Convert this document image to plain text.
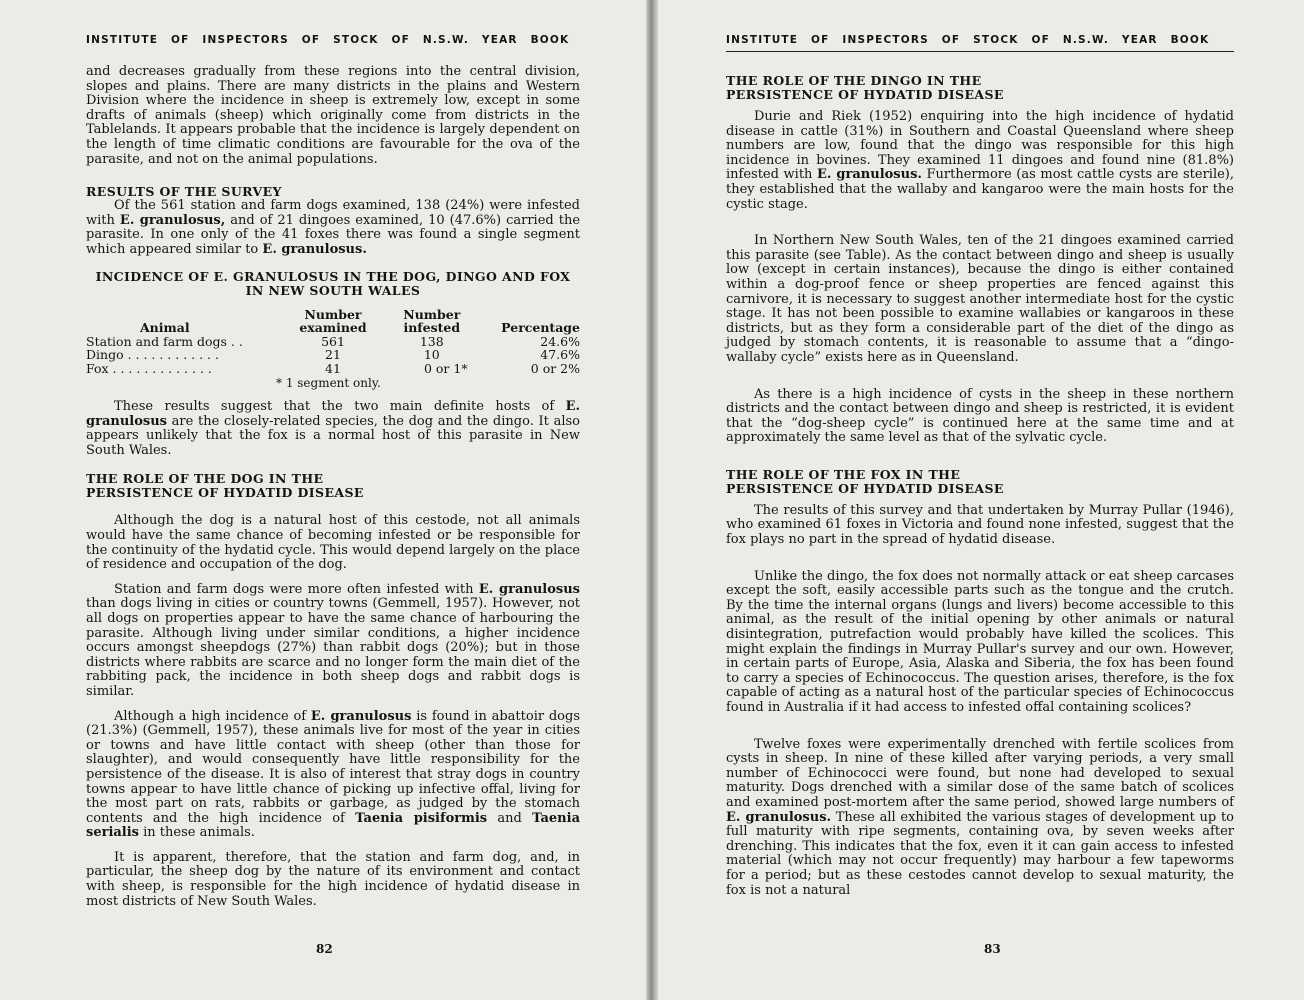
INSTITUTE OF INSPECTORS OF STOCK OF N.S.W. YEAR BOOK

and decreases gradually from these regions into the central division, slopes and plains. There are many districts in the plains and Western Division where the incidence in sheep is extremely low, except in some drafts of animals (sheep) which originally come from districts in the Tablelands. It appears probable that the incidence is largely dependent on the length of time climatic conditions are favourable for the ova of the parasite, and not on the animal populations.

RESULTS OF THE SURVEY

Of the 561 station and farm dogs examined, 138 (24%) were infested with E. granulosus, and of 21 dingoes examined, 10 (47.6%) carried the parasite. In one only of the 41 foxes there was found a single segment which appeared similar to E. granulosus.

INCIDENCE OF E. GRANULOSUS IN THE DOG, DINGO AND FOX IN NEW SOUTH WALES
Animal	Number examined	Number infested	Percentage
Station and farm dogs . .	561	138	24.6%
Dingo . . . . . . . . . . . .	21	10	47.6%
Fox . . . . . . . . . . . . .	41	0 or 1*	0 or 2%
* 1 segment only.

These results suggest that the two main definite hosts of E. granulosus are the closely-related species, the dog and the dingo. It also appears unlikely that the fox is a normal host of this parasite in New South Wales.

THE ROLE OF THE DOG IN THE
PERSISTENCE OF HYDATID DISEASE

Although the dog is a natural host of this cestode, not all animals would have the same chance of becoming infested or be responsible for the continuity of the hydatid cycle. This would depend largely on the place of residence and occupation of the dog.

Station and farm dogs were more often infested with E. granulosus than dogs living in cities or country towns (Gemmell, 1957). However, not all dogs on properties appear to have the same chance of harbouring the parasite. Although living under similar conditions, a higher incidence occurs amongst sheepdogs (27%) than rabbit dogs (20%); but in those districts where rabbits are scarce and no longer form the main diet of the rabbiting pack, the incidence in both sheep dogs and rabbit dogs is similar.

Although a high incidence of E. granulosus is found in abattoir dogs (21.3%) (Gemmell, 1957), these animals live for most of the year in cities or towns and have little contact with sheep (other than those for slaughter), and would consequently have little responsibility for the persistence of the disease. It is also of interest that stray dogs in country towns appear to have little chance of picking up infective offal, living for the most part on rats, rabbits or garbage, as judged by the stomach contents and the high incidence of Taenia pisiformis and Taenia serialis in these animals.

It is apparent, therefore, that the station and farm dog, and, in particular, the sheep dog by the nature of its environment and contact with sheep, is responsible for the high incidence of hydatid disease in most districts of New South Wales.

82
INSTITUTE OF INSPECTORS OF STOCK OF N.S.W. YEAR BOOK
THE ROLE OF THE DINGO IN THE
PERSISTENCE OF HYDATID DISEASE

Durie and Riek (1952) enquiring into the high incidence of hydatid disease in cattle (31%) in Southern and Coastal Queensland where sheep numbers are low, found that the dingo was responsible for this high incidence in bovines. They examined 11 dingoes and found nine (81.8%) infested with E. granulosus. Furthermore (as most cattle cysts are sterile), they established that the wallaby and kangaroo were the main hosts for the cystic stage.

In Northern New South Wales, ten of the 21 dingoes examined carried this parasite (see Table). As the contact between dingo and sheep is usually low (except in certain instances), because the dingo is either contained within a dog-proof fence or sheep properties are fenced against this carnivore, it is necessary to suggest another intermediate host for the cystic stage. It has not been possible to examine wallabies or kangaroos in these districts, but as they form a considerable part of the diet of the dingo as judged by stomach contents, it is reasonable to assume that a “dingo-wallaby cycle” exists here as in Queensland.

As there is a high incidence of cysts in the sheep in these northern districts and the contact between dingo and sheep is restricted, it is evident that the “dog-sheep cycle” is continued here at the same time and at approximately the same level as that of the sylvatic cycle.

THE ROLE OF THE FOX IN THE
PERSISTENCE OF HYDATID DISEASE

The results of this survey and that undertaken by Murray Pullar (1946), who examined 61 foxes in Victoria and found none infested, suggest that the fox plays no part in the spread of hydatid disease.

Unlike the dingo, the fox does not normally attack or eat sheep carcases except the soft, easily accessible parts such as the tongue and the crutch. By the time the internal organs (lungs and livers) become accessible to this animal, as the result of the initial opening by other animals or natural disintegration, putrefaction would probably have killed the scolices. This might explain the findings in Murray Pullar's survey and our own. However, in certain parts of Europe, Asia, Alaska and Siberia, the fox has been found to carry a species of Echinococcus. The question arises, therefore, is the fox capable of acting as a natural host of the particular species of Echinococcus found in Australia if it had access to infested offal containing scolices?

Twelve foxes were experimentally drenched with fertile scolices from cysts in sheep. In nine of these killed after varying periods, a very small number of Echinococci were found, but none had developed to sexual maturity. Dogs drenched with a similar dose of the same batch of scolices and examined post-mortem after the same period, showed large numbers of E. granulosus. These all exhibited the various stages of development up to full maturity with ripe segments, containing ova, by seven weeks after drenching. This indicates that the fox, even it it can gain access to infested material (which may not occur frequently) may harbour a few tapeworms for a period; but as these cestodes cannot develop to sexual maturity, the fox is not a natural

83
